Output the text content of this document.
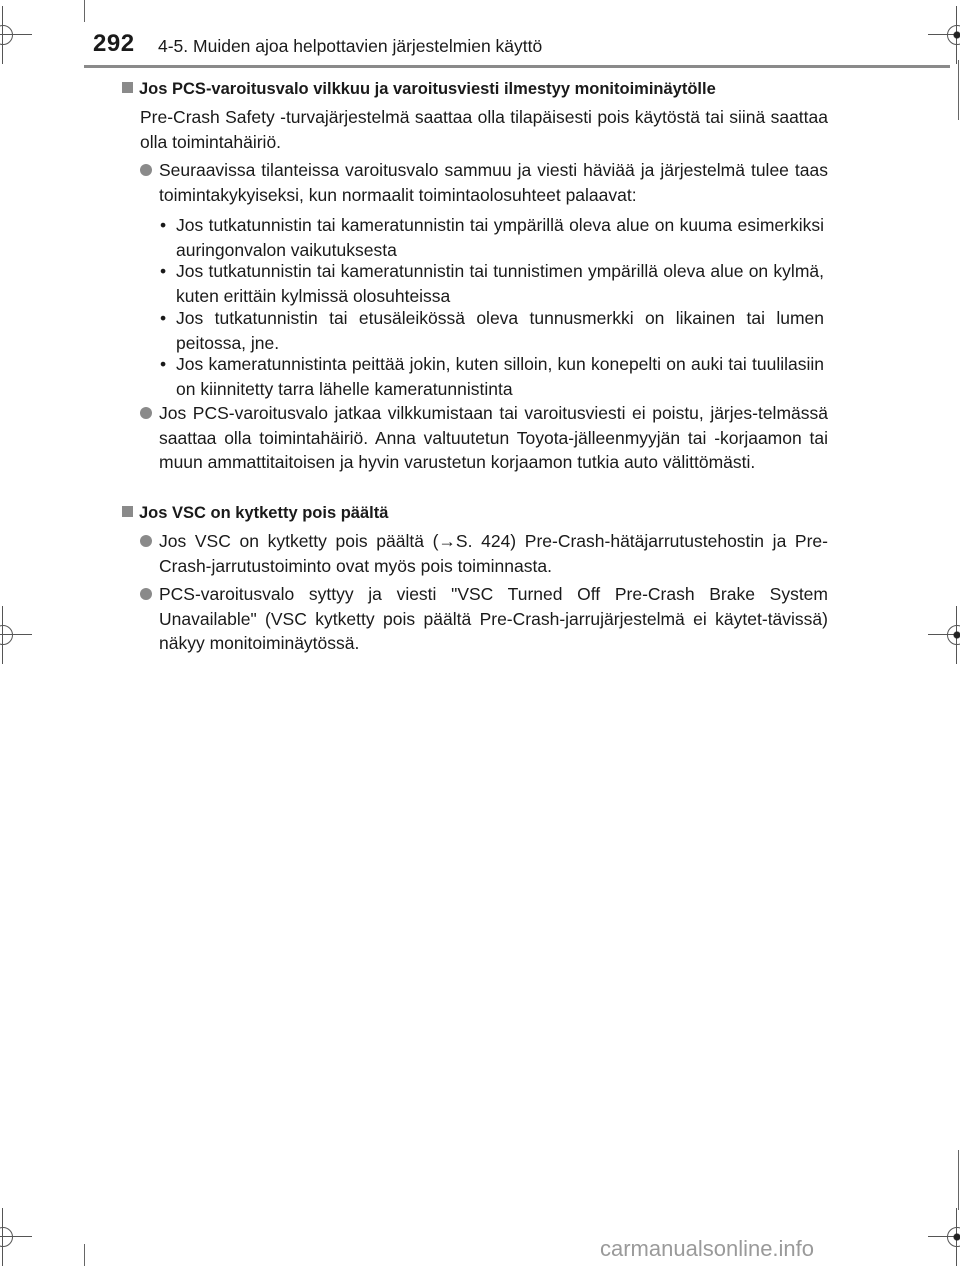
292 4-5. Muiden ajoa helpottavien järjestelmien käyttö
Jos PCS-varoitusvalo vilkkuu ja varoitusviesti ilmestyy monitoiminäytölle
Pre-Crash Safety -turvajärjestelmä saattaa olla tilapäisesti pois käytöstä tai siinä saattaa olla toimintahäiriö.
Seuraavissa tilanteissa varoitusvalo sammuu ja viesti häviää ja järjestelmä tulee taas toimintakykyiseksi, kun normaalit toimintaolosuhteet palaavat:
• Jos tutkatunnistin tai kameratunnistin tai ympärillä oleva alue on kuuma esimerkiksi auringonvalon vaikutuksesta
• Jos tutkatunnistin tai kameratunnistin tai tunnistimen ympärillä oleva alue on kylmä, kuten erittäin kylmissä olosuhteissa
• Jos tutkatunnistin tai etusäleikössä oleva tunnusmerkki on likainen tai lumen peitossa, jne.
• Jos kameratunnistinta peittää jokin, kuten silloin, kun konepelti on auki tai tuulilasiin on kiinnitetty tarra lähelle kameratunnistinta
Jos PCS-varoitusvalo jatkaa vilkkumistaan tai varoitusviesti ei poistu, järjes-telmässä saattaa olla toimintahäiriö. Anna valtuutetun Toyota-jälleenmyyjän tai -korjaamon tai muun ammattitaitoisen ja hyvin varustetun korjaamon tutkia auto välittömästi.
Jos VSC on kytketty pois päältä
Jos VSC on kytketty pois päältä (→S. 424) Pre-Crash-hätäjarrutustehostin ja Pre-Crash-jarrutustoiminto ovat myös pois toiminnasta.
PCS-varoitusvalo syttyy ja viesti "VSC Turned Off Pre-Crash Brake System Unavailable" (VSC kytketty pois päältä Pre-Crash-jarrujärjestelmä ei käytet-tävissä) näkyy monitoiminäytössä.
carmanualsonline.info
